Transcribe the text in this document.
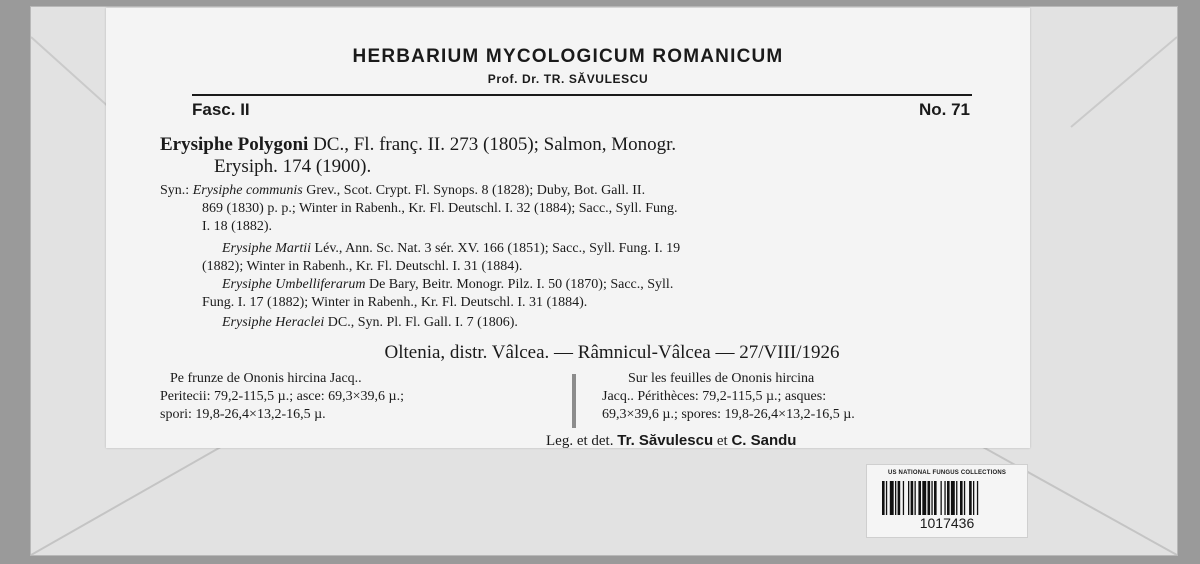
HERBARIUM MYCOLOGICUM ROMANICUM
Prof. Dr. TR. SĂVULESCU
Fasc. II	No. 71
Erysiphe Polygoni DC., Fl. franç. II. 273 (1805); Salmon, Monogr.
Erysiph. 174 (1900).
Syn.: Erysiphe communis Grev., Scot. Crypt. Fl. Synops. 8 (1828); Duby, Bot. Gall. II.
869 (1830) p. p.; Winter in Rabenh., Kr. Fl. Deutschl. I. 32 (1884); Sacc., Syll. Fung.
I. 18 (1882).
Erysiphe Martii Lév., Ann. Sc. Nat. 3 sér. XV. 166 (1851); Sacc., Syll. Fung. I. 19
(1882); Winter in Rabenh., Kr. Fl. Deutschl. I. 31 (1884).
Erysiphe Umbelliferarum De Bary, Beitr. Monogr. Pilz. I. 50 (1870); Sacc., Syll.
Fung. I. 17 (1882); Winter in Rabenh., Kr. Fl. Deutschl. I. 31 (1884).
Erysiphe Heraclei DC., Syn. Pl. Fl. Gall. I. 7 (1806).
Oltenia, distr. Vâlcea. — Râmnicul-Vâlcea — 27/VIII/1926
Pe frunze de Ononis hircina Jacq..
Peritecii: 79,2-115,5 µ.; asce: 69,3×39,6 µ.;
spori: 19,8-26,4×13,2-16,5 µ.
Sur les feuilles de Ononis hircina
Jacq.. Périthèces: 79,2-115,5 µ.; asques:
69,3×39,6 µ.; spores: 19,8-26,4×13,2-16,5 µ.
Leg. et det. Tr. Săvulescu et C. Sandu
US NATIONAL FUNGUS COLLECTIONS
1017436
